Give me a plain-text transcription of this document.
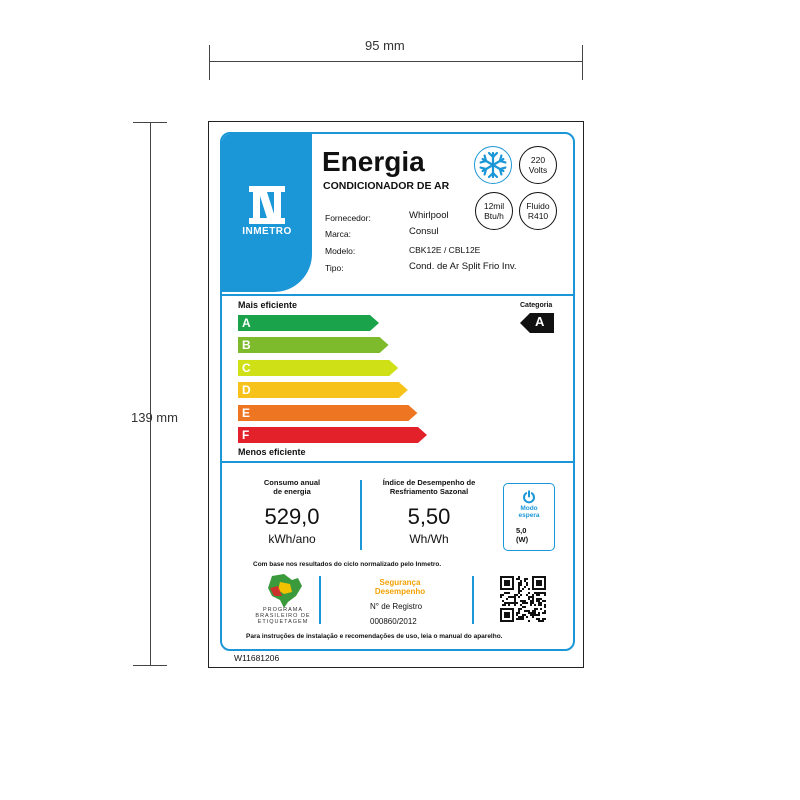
95 mm
139 mm
W11681206
INMETRO
Energia
CONDICIONADOR DE AR
220
Volts
12mil
Btu/h
Fluido
R410
Fornecedor:	Whirlpool
Marca:	Consul
Modelo:	CBK12E / CBL12E
Tipo:	Cond. de Ar Split Frio Inv.
Mais eficiente	Categoria
A
A
B
C
D
E
F
Menos eficiente
Consumo anual
de energia
529,0
kWh/ano
Índice de Desempenho de
Resfriamento Sazonal
5,50
Wh/Wh
Modo
espera
5,0
(W)
Com base nos resultados do ciclo normalizado pelo Inmetro.
PROGRAMA
BRASILEIRO DE
ETIQUETAGEM
Segurança
Desempenho
N° de Registro
000860/2012
Para instruções de instalação e recomendações de uso, leia o manual do aparelho.
